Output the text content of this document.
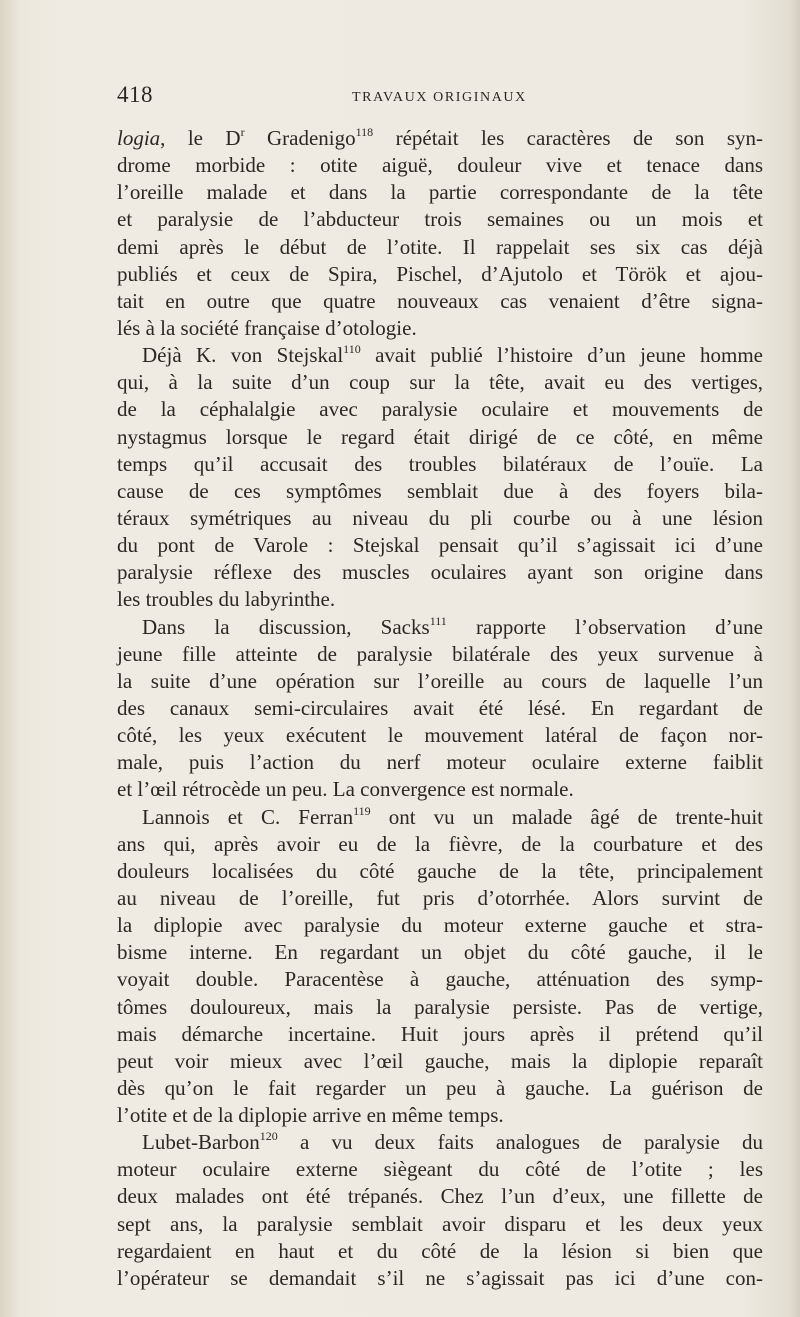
418	TRAVAUX ORIGINAUX
logia, le $D^r$ Gradenigo$^{118}$ répétait les caractères de son syn-
drome morbide : otite aiguë, douleur vive et tenace dans
l’oreille malade et dans la partie correspondante de la tête
et paralysie de l’abducteur trois semaines ou un mois et
demi après le début de l’otite. Il rappelait ses six cas déjà
publiés et ceux de Spira, Pischel, d’Ajutolo et Török et ajou-
tait en outre que quatre nouveaux cas venaient d’être signa-
lés à la société française d’otologie.
Déjà K. von Stejskal$^{110}$ avait publié l’histoire d’un jeune homme
qui, à la suite d’un coup sur la tête, avait eu des vertiges,
de la céphalalgie avec paralysie oculaire et mouvements de
nystagmus lorsque le regard était dirigé de ce côté, en même
temps qu’il accusait des troubles bilatéraux de l’ouïe. La
cause de ces symptômes semblait due à des foyers bila-
téraux symétriques au niveau du pli courbe ou à une lésion
du pont de Varole : Stejskal pensait qu’il s’agissait ici d’une
paralysie réflexe des muscles oculaires ayant son origine dans
les troubles du labyrinthe.
Dans la discussion, Sacks$^{111}$ rapporte l’observation d’une
jeune fille atteinte de paralysie bilatérale des yeux survenue à
la suite d’une opération sur l’oreille au cours de laquelle l’un
des canaux semi-circulaires avait été lésé. En regardant de
côté, les yeux exécutent le mouvement latéral de façon nor-
male, puis l’action du nerf moteur oculaire externe faiblit
et l’œil rétrocède un peu. La convergence est normale.
Lannois et C. Ferran$^{119}$ ont vu un malade âgé de trente-huit
ans qui, après avoir eu de la fièvre, de la courbature et des
douleurs localisées du côté gauche de la tête, principalement
au niveau de l’oreille, fut pris d’otorrhée. Alors survint de
la diplopie avec paralysie du moteur externe gauche et stra-
bisme interne. En regardant un objet du côté gauche, il le
voyait double. Paracentèse à gauche, atténuation des symp-
tômes douloureux, mais la paralysie persiste. Pas de vertige,
mais démarche incertaine. Huit jours après il prétend qu’il
peut voir mieux avec l’œil gauche, mais la diplopie reparaît
dès qu’on le fait regarder un peu à gauche. La guérison de
l’otite et de la diplopie arrive en même temps.
Lubet-Barbon$^{120}$ a vu deux faits analogues de paralysie du
moteur oculaire externe siègeant du côté de l’otite ; les
deux malades ont été trépanés. Chez l’un d’eux, une fillette de
sept ans, la paralysie semblait avoir disparu et les deux yeux
regardaient en haut et du côté de la lésion si bien que
l’opérateur se demandait s’il ne s’agissait pas ici d’une con-
